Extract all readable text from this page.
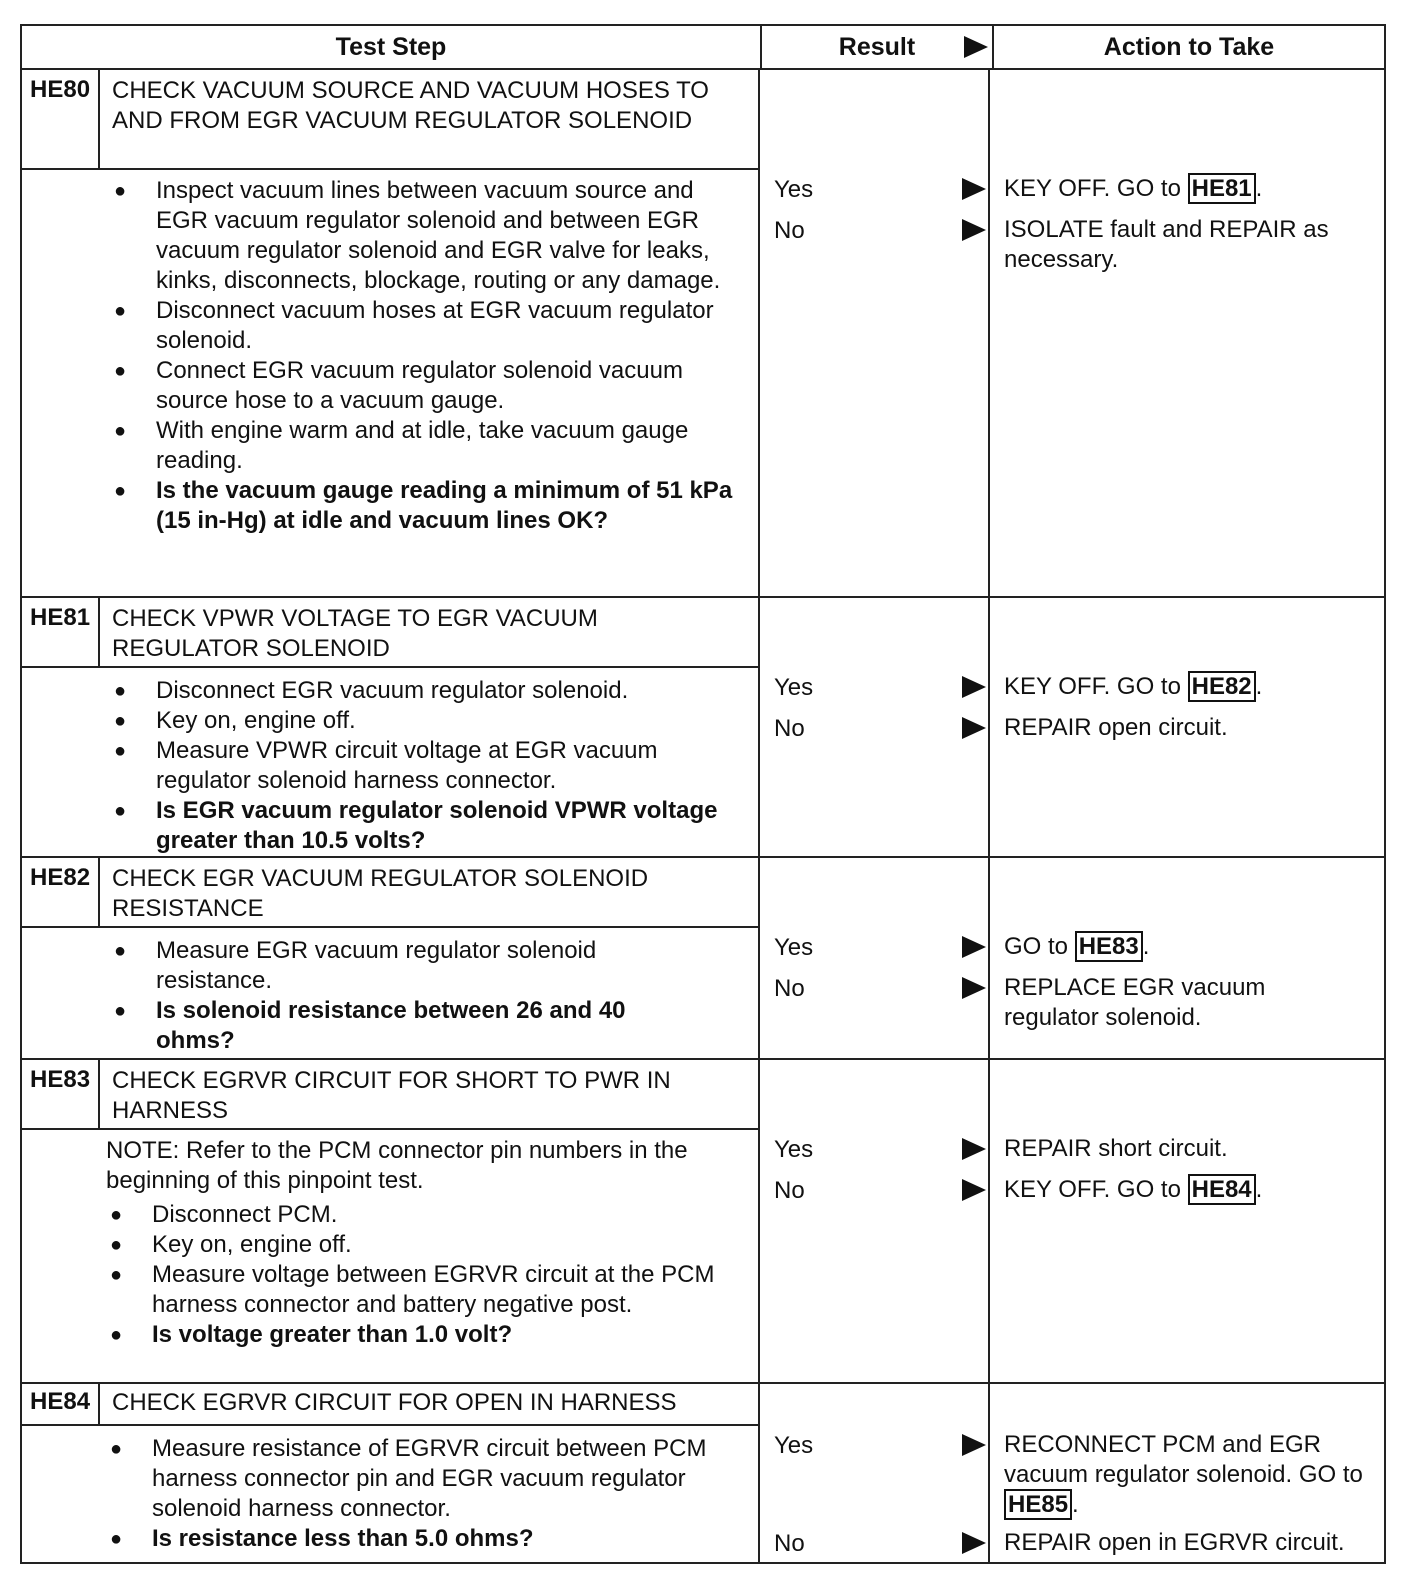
Test Step	Result	Action to Take
HE80 CHECK VACUUM SOURCE AND VACUUM HOSES TO AND FROM EGR VACUUM REGULATOR SOLENOID
● Inspect vacuum lines between vacuum source and EGR vacuum regulator solenoid and between EGR vacuum regulator solenoid and EGR valve for leaks, kinks, disconnects, blockage, routing or any damage.
● Disconnect vacuum hoses at EGR vacuum regulator solenoid.
● Connect EGR vacuum regulator solenoid vacuum source hose to a vacuum gauge.
● With engine warm and at idle, take vacuum gauge reading.
● Is the vacuum gauge reading a minimum of 51 kPa (15 in-Hg) at idle and vacuum lines OK?
Yes
No
KEY OFF. GO to HE81 .
ISOLATE fault and REPAIR as necessary.
HE81 CHECK VPWR VOLTAGE TO EGR VACUUM REGULATOR SOLENOID
● Disconnect EGR vacuum regulator solenoid.
● Key on, engine off.
● Measure VPWR circuit voltage at EGR vacuum regulator solenoid harness connector.
● Is EGR vacuum regulator solenoid VPWR voltage greater than 10.5 volts?
Yes
No
KEY OFF. GO to HE82 .
REPAIR open circuit.
HE82 CHECK EGR VACUUM REGULATOR SOLENOID RESISTANCE
● Measure EGR vacuum regulator solenoid resistance.
● Is solenoid resistance between 26 and 40 ohms?
Yes
No
GO to HE83 .
REPLACE EGR vacuum regulator solenoid.
HE83 CHECK EGRVR CIRCUIT FOR SHORT TO PWR IN HARNESS
NOTE: Refer to the PCM connector pin numbers in the beginning of this pinpoint test.
● Disconnect PCM.
● Key on, engine off.
● Measure voltage between EGRVR circuit at the PCM harness connector and battery negative post.
● Is voltage greater than 1.0 volt?
Yes
No
REPAIR short circuit.
KEY OFF. GO to HE84 .
HE84 CHECK EGRVR CIRCUIT FOR OPEN IN HARNESS
● Measure resistance of EGRVR circuit between PCM harness connector pin and EGR vacuum regulator solenoid harness connector.
● Is resistance less than 5.0 ohms?
Yes
No
RECONNECT PCM and EGR vacuum regulator solenoid. GO to HE85 .
REPAIR open in EGRVR circuit.
